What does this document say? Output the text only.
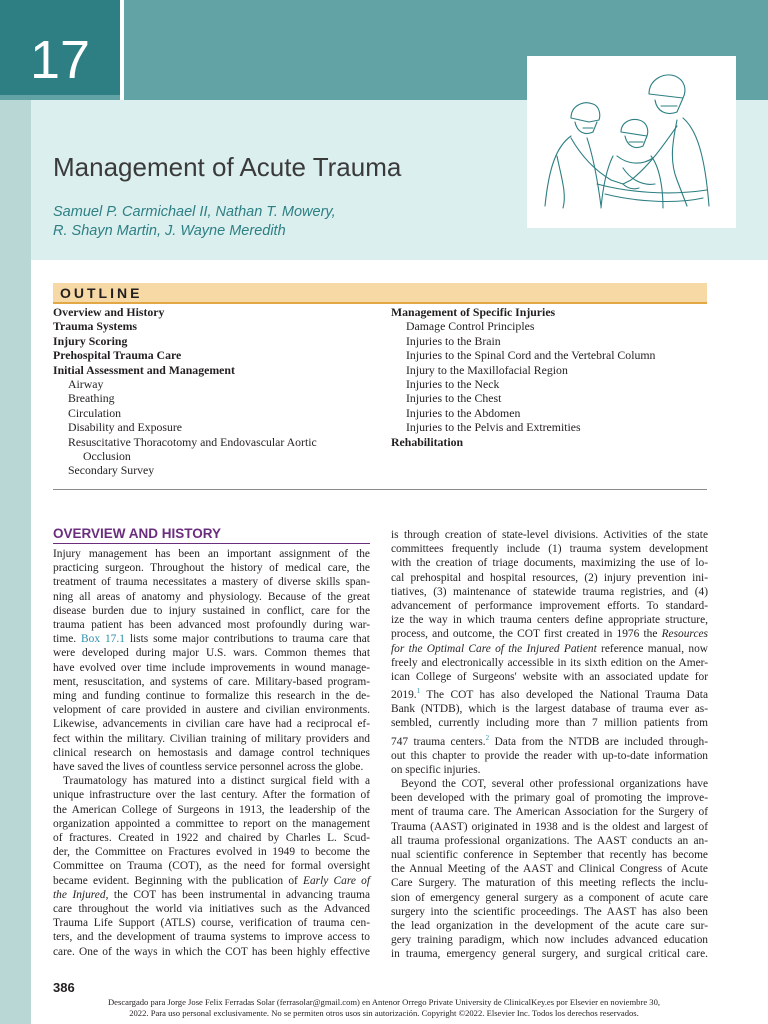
17
Management of Acute Trauma
Samuel P. Carmichael II, Nathan T. Mowery,
R. Shayn Martin, J. Wayne Meredith
OUTLINE
Overview and History
Trauma Systems
Injury Scoring
Prehospital Trauma Care
Initial Assessment and Management
Airway
Breathing
Circulation
Disability and Exposure
Resuscitative Thoracotomy and Endovascular Aortic
Occlusion
Secondary Survey
Management of Specific Injuries
Damage Control Principles
Injuries to the Brain
Injuries to the Spinal Cord and the Vertebral Column
Injury to the Maxillofacial Region
Injuries to the Neck
Injuries to the Chest
Injuries to the Abdomen
Injuries to the Pelvis and Extremities
Rehabilitation
OVERVIEW AND HISTORY
Injury management has been an important assignment of the
practicing surgeon. Throughout the history of medical care, the
treatment of trauma necessitates a mastery of diverse skills span-
ning all areas of anatomy and physiology. Because of the great
disease burden due to injury sustained in conflict, care for the
trauma patient has been advanced most profoundly during war-
time. Box 17.1 lists some major contributions to trauma care that
were developed during major U.S. wars. Common themes that
have evolved over time include improvements in wound manage-
ment, resuscitation, and systems of care. Military-based program-
ming and funding continue to formalize this research in the de-
velopment of care provided in austere and civilian environments.
Likewise, advancements in civilian care have had a reciprocal ef-
fect within the military. Civilian training of military providers and
clinical research on hemostasis and damage control techniques
have saved the lives of countless service personnel across the globe.
Traumatology has matured into a distinct surgical field with a
unique infrastructure over the last century. After the formation of
the American College of Surgeons in 1913, the leadership of the
organization appointed a committee to report on the management
of fractures. Created in 1922 and chaired by Charles L. Scud-
der, the Committee on Fractures evolved in 1949 to become the
Committee on Trauma (COT), as the need for formal oversight
became evident. Beginning with the publication of Early Care of
the Injured, the COT has been instrumental in advancing trauma
care throughout the world via initiatives such as the Advanced
Trauma Life Support (ATLS) course, verification of trauma cen-
ters, and the development of trauma systems to improve access to
care. One of the ways in which the COT has been highly effective
is through creation of state-level divisions. Activities of the state
committees frequently include (1) trauma system development
with the creation of triage documents, maximizing the use of lo-
cal prehospital and hospital resources, (2) injury prevention ini-
tiatives, (3) maintenance of statewide trauma registries, and (4)
advancement of performance improvement efforts. To standard-
ize the way in which trauma centers define appropriate structure,
process, and outcome, the COT first created in 1976 the Resources
for the Optimal Care of the Injured Patient reference manual, now
freely and electronically accessible in its sixth edition on the Amer-
ican College of Surgeons' website with an associated update for
2019.$^1$ The COT has also developed the National Trauma Data
Bank (NTDB), which is the largest database of trauma ever as-
sembled, currently including more than 7 million patients from
747 trauma centers.$^2$ Data from the NTDB are included through-
out this chapter to provide the reader with up-to-date information
on specific injuries.
Beyond the COT, several other professional organizations have
been developed with the primary goal of promoting the improve-
ment of trauma care. The American Association for the Surgery of
Trauma (AAST) originated in 1938 and is the oldest and largest of
all trauma professional organizations. The AAST conducts an an-
nual scientific conference in September that recently has become
the Annual Meeting of the AAST and Clinical Congress of Acute
Care Surgery. The maturation of this meeting reflects the inclu-
sion of emergency general surgery as a component of acute care
surgery into the scientific proceedings. The AAST has also been
the lead organization in the development of the acute care sur-
gery training paradigm, which now includes advanced education
in trauma, emergency general surgery, and surgical critical care.
386
Descargado para Jorge Jose Felix Ferradas Solar (ferrasolar@gmail.com) en Antenor Orrego Private University de ClinicalKey.es por Elsevier en noviembre 30,
2022. Para uso personal exclusivamente. No se permiten otros usos sin autorización. Copyright ©2022. Elsevier Inc. Todos los derechos reservados.
